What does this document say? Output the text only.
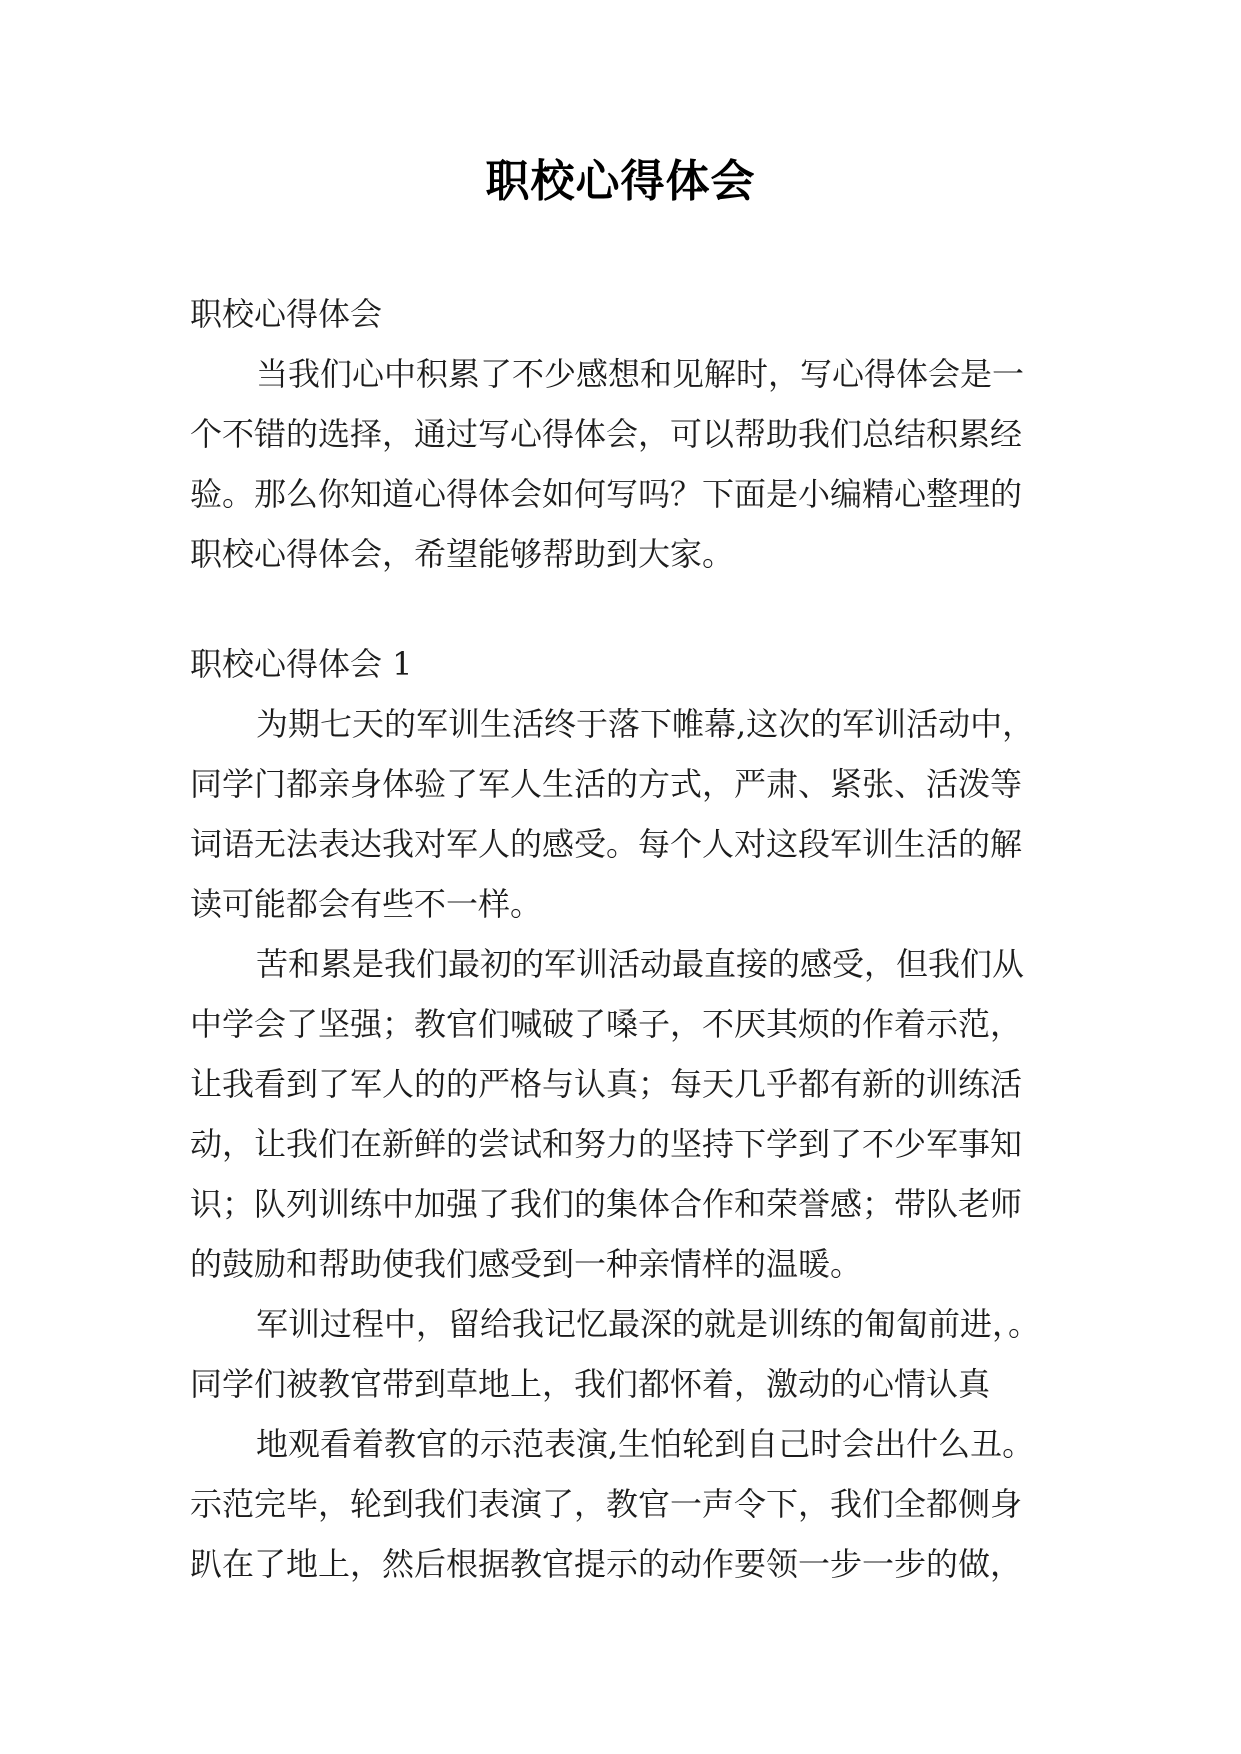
职校心得体会
职校心得体会
当我们心中积累了不少感想和见解时，写心得体会是一
个不错的选择，通过写心得体会，可以帮助我们总结积累经
验。那么你知道心得体会如何写吗？下面是小编精心整理的
职校心得体会，希望能够帮助到大家。
职校心得体会 1
为期七天的军训生活终于落下帷幕,这次的军训活动中，
同学门都亲身体验了军人生活的方式，严肃、紧张、活泼等
词语无法表达我对军人的感受。每个人对这段军训生活的解
读可能都会有些不一样。
苦和累是我们最初的军训活动最直接的感受，但我们从
中学会了坚强；教官们喊破了嗓子，不厌其烦的作着示范，
让我看到了军人的的严格与认真；每天几乎都有新的训练活
动，让我们在新鲜的尝试和努力的坚持下学到了不少军事知
识；队列训练中加强了我们的集体合作和荣誉感；带队老师
的鼓励和帮助使我们感受到一种亲情样的温暖。
军训过程中，留给我记忆最深的就是训练的匍匐前进，。
同学们被教官带到草地上，我们都怀着，激动的心情认真
地观看着教官的示范表演,生怕轮到自己时会出什么丑。
示范完毕，轮到我们表演了，教官一声令下，我们全都侧身
趴在了地上，然后根据教官提示的动作要领一步一步的做，
